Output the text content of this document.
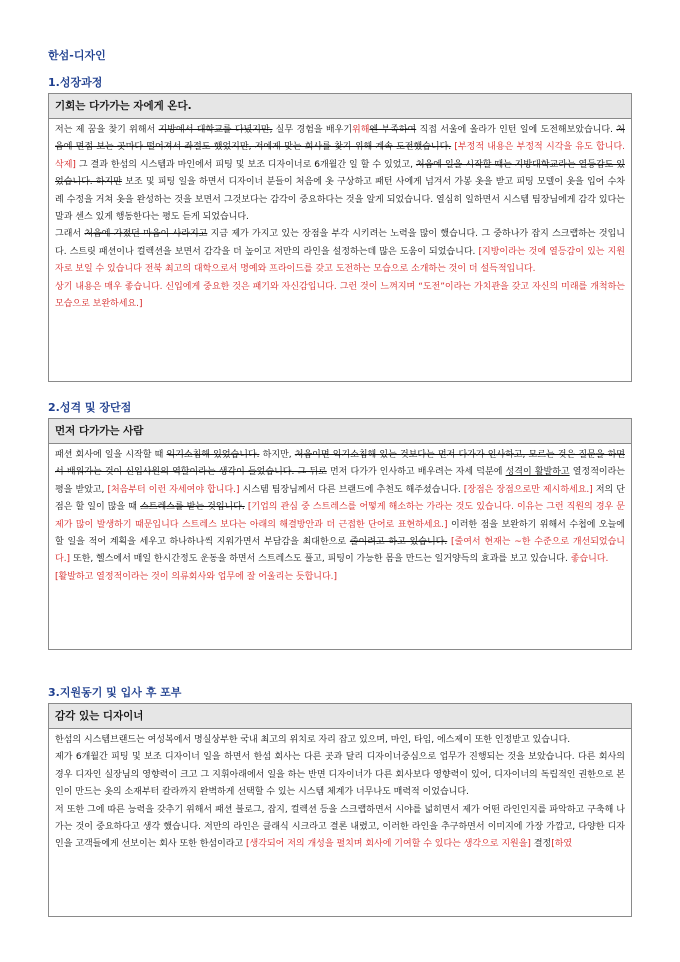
한섬-디자인
1.성장과정
기회는 다가가는 자에게 온다.

저는 제 꿈을 찾기 위해서 지방에서 대학교를 다녔지만, 실무 경험을 배우기위해엔 부족하여 직접 서울에 올라가 인턴 일에 도전해보았습니다. 처음에 면접 보는 곳마다 떨어져서 좌절도 했었지만, 저에게 맞는 회사를 찾기 위해 계속 도전했습니다. [부정적 내용은 부정적 시각을 유도 합니다. 삭제] 그 결과 한섬의 시스템과 마인에서 피팅 및 보조 디자이너로 6개월간 일 할 수 있었고, 처음에 일을 시작할 때는 지방대학교라는 열등감도 있었습니다. 하지만 보조 및 피팅 일을 하면서 디자이너 분들이 처음에 옷 구상하고 패턴 사에게 넘겨서 가봉 옷을 받고 피팅 모델이 옷을 입어 수차례 수정을 거쳐 옷을 완성하는 것을 보면서 그것보다는 감각이 중요하다는 것을 알게 되었습니다. 열심히 일하면서 시스템 팀장님에게 감각 있다는 말과 센스 있게 행동한다는 평도 듣게 되었습니다.

그래서 처음에 가졌던 마음이 사라지고 지금 제가 가지고 있는 장점을 부각 시키려는 노력을 많이 했습니다. 그 중하나가 잡지 스크랩하는 것입니다. 스트릿 패션이나 컬렉션을 보면서 감각을 더 높이고 저만의 라인을 설정하는데 많은 도움이 되었습니다. [지방이라는 것에 열등감이 있는 지원자로 보일 수 있습니다 전북 최고의 대학으로서 명예와 프라이드를 갖고 도전하는 모습으로 소개하는 것이 더 설득적입니다.

상기 내용은 매우 좋습니다. 신입에게 중요한 것은 패기와 자신감입니다. 그런 것이 느껴지며 “도전”이라는 가치관을 갖고 자신의 미래를 개척하는 모습으로 보완하세요.]

2.성격 및 장단점
먼저 다가가는 사람

패션 회사에 일을 시작할 때 익기소침해 있었습니다. 하지만, 처음이면 익기소침해 있는 것보다는 먼저 다가가 인사하고, 모르는 것은 질문을 하면서 배워가는 것이 신입사원의 역할이라는 생각이 들었습니다. 그 뒤로 먼저 다가가 인사하고 배우려는 자세 덕분에 성격이 활발하고 열정적이라는 평을 받았고, [처음부터 이런 자세여야 합니다.] 시스템 팀장님께서 다른 브랜드에 추천도 해주셨습니다. [장점은 장점으로만 제시하세요.] 저의 단점은 할 일이 많을 때 스트레스를 받는 것입니다. [기업의 관심 중 스트레스를 어떻게 해소하는 가라는 것도 있습니다. 이유는 그런 직원의 경우 문제가 많이 발생하기 때문입니다 스트레스 보다는 아래의 해결방안과 더 근접한 단어로 표현하세요.] 이러한 점을 보완하기 위해서 수첩에 오늘에 할 일을 적어 계획을 세우고 하나하나씩 지워가면서 부담감을 최대한으로 줄이려고 하고 있습니다. [줄여서 현재는 ~한 수준으로 개선되었습니다.] 또한, 헬스에서 매일 한시간정도 운동을 하면서 스트레스도 풀고, 피팅이 가능한 몸을 만드는 일거양득의 효과를 보고 있습니다. 좋습니다.

[활발하고 열정적이라는 것이 의류회사와 업무에 잘 어울리는 듯합니다.]

3.지원동기 및 입사 후 포부
감각 있는 디자이너

한섬의 시스템브랜드는 여성복에서 명실상부한 국내 최고의 위치로 자리 잡고 있으며, 마인, 타임, 에스제이 또한 인정받고 있습니다.

제가 6개월간 피팅 및 보조 디자이너 일을 하면서 한섬 회사는 다른 곳과 달리 디자이너중심으로 업무가 진행되는 것을 보았습니다. 다른 회사의 경우 디자인 실장님의 영향력이 크고 그 지휘아래에서 일을 하는 반면 디자이너가 다른 회사보다 영향력이 있어, 디자이너의 독립적인 권한으로 본인이 만드는 옷의 소재부터 칼라까지 완벽하게 선택할 수 있는 시스템 체계가 너무나도 매력적 이었습니다.

저 또한 그에 따른 능력을 갖추기 위해서 패션 블로그, 잡지, 컬렉션 등을 스크랩하면서 시야를 넓히면서 제가 어떤 라인인지를 파악하고 구축해 나가는 것이 중요하다고 생각 했습니다. 저만의 라인은 클래식 시크라고 결론 내렸고, 이러한 라인을 추구하면서 이미지에 가장 가깝고, 다양한 디자인을 고객들에게 선보이는 회사 또한 한섬이라고 [생각되어 저의 개성을 펼치며 회사에 기여할 수 있다는 생각으로 지원을] 결정[하였
